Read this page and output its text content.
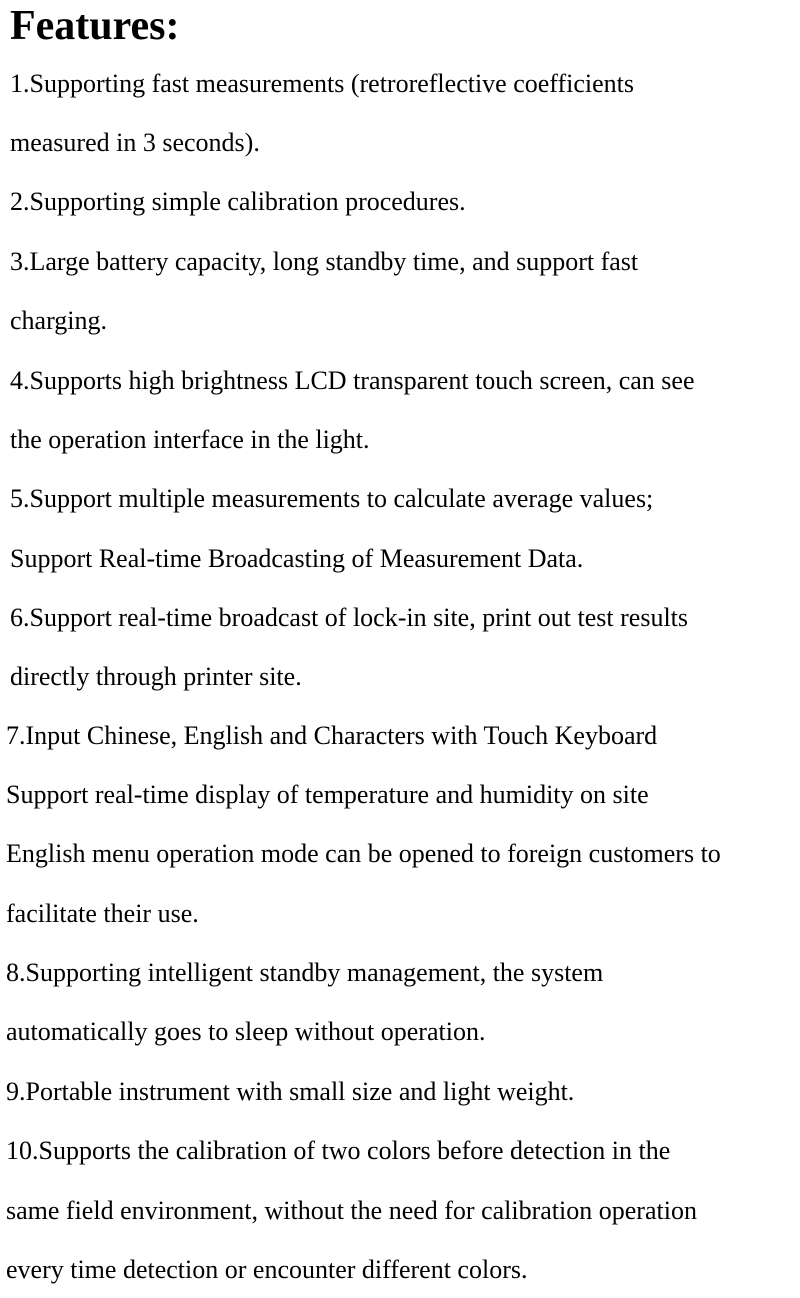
Features:

1.Supporting fast measurements (retroreflective coefficients

measured in 3 seconds).

2.Supporting simple calibration procedures.

3.Large battery capacity, long standby time, and support fast

charging.

4.Supports high brightness LCD transparent touch screen, can see

the operation interface in the light.

5.Support multiple measurements to calculate average values;

Support Real-time Broadcasting of Measurement Data.

6.Support real-time broadcast of lock-in site, print out test results

directly through printer site.

7.Input Chinese, English and Characters with Touch Keyboard

Support real-time display of temperature and humidity on site

English menu operation mode can be opened to foreign customers to

facilitate their use.

8.Supporting intelligent standby management, the system

automatically goes to sleep without operation.

9.Portable instrument with small size and light weight.

10.Supports the calibration of two colors before detection in the

same field environment, without the need for calibration operation

every time detection or encounter different colors.
